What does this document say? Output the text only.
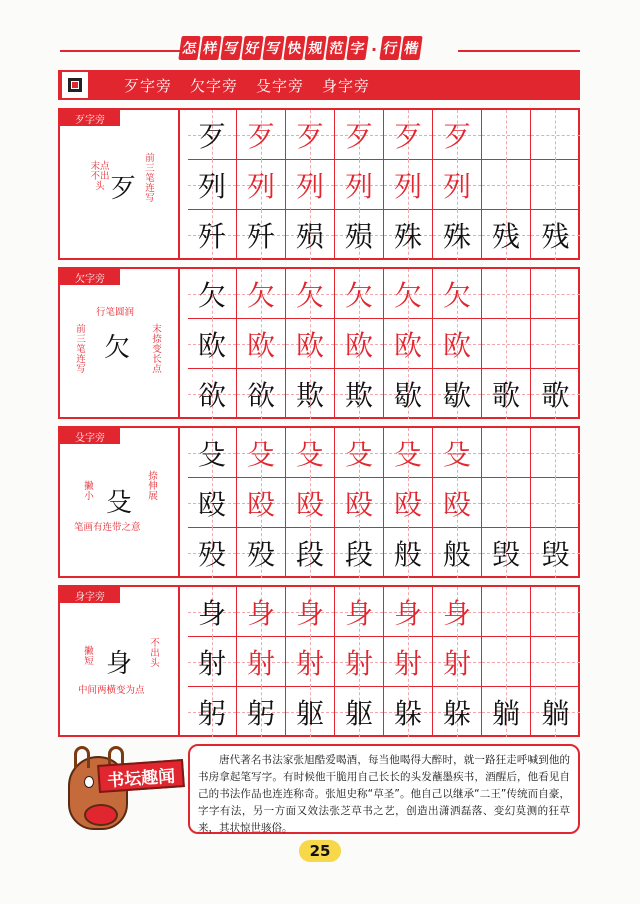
怎 样 写 好 写 快 规 范 字 · 行 楷
歹字旁 欠字旁 殳字旁 身字旁
歹字旁
歹
末点不出头
前三笔连写
歹 歹 歹 歹 歹 歹
列 列 列 列 列 列
歼 歼 殒 殒 殊 殊 残 残
欠字旁
欠
行笔圆润
前三笔连写
末捺变长点
欠 欠 欠 欠 欠 欠
欧 欧 欧 欧 欧 欧
欲 欲 欺 欺 歇 歇 歌 歌
殳字旁
殳
撇小
捺伸展
笔画有连带之意
殳 殳 殳 殳 殳 殳
殴 殴 殴 殴 殴 殴
殁 殁 段 段 般 般 毁 毁
身字旁
身
撇短
不出头
中间两横变为点
身 身 身 身 身 身
射 射 射 射 射 射
躬 躬 躯 躯 躲 躲 躺 躺
书坛趣闻

唐代著名书法家张旭酷爱喝酒，每当他喝得大醉时，就一路狂走呼喊到他的书房拿起笔写字。有时候他干脆用自己长长的头发蘸墨疾书，酒醒后，他看见自己的书法作品也连连称奇。张旭史称“草圣”。他自己以继承“二王”传统而自豪，字字有法，另一方面又效法张芝草书之艺，创造出潇洒磊落、变幻莫测的狂草来，其状惊世骇俗。

25
